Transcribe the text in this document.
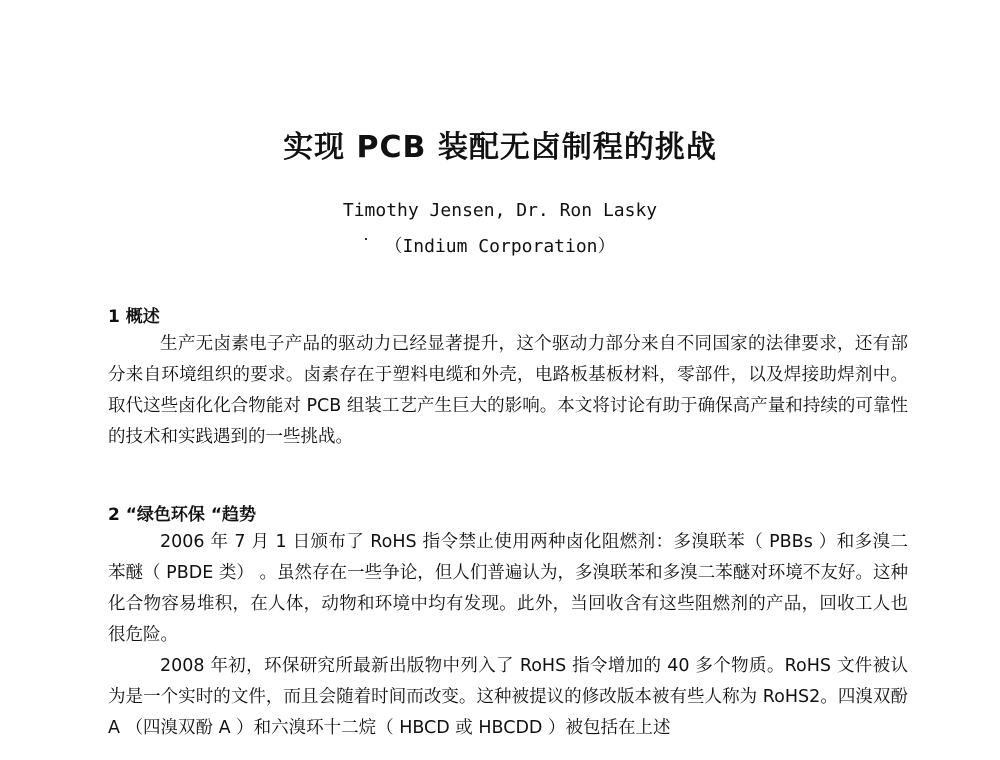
实现 PCB 装配无卤制程的挑战
Timothy Jensen, Dr. Ron Lasky
（Indium Corporation）
1 概述
生产无卤素电子产品的驱动力已经显著提升，这个驱动力部分来自不同国家的法律要求，还有部分来自环境组织的要求。卤素存在于塑料电缆和外壳，电路板基板材料，零部件，以及焊接助焊剂中。取代这些卤化化合物能对 PCB 组装工艺产生巨大的影响。本文将讨论有助于确保高产量和持续的可靠性的技术和实践遇到的一些挑战。
2 “绿色环保 “趋势
2006 年 7 月 1 日颁布了 RoHS 指令禁止使用两种卤化阻燃剂：多溴联苯（ PBBs ）和多溴二苯醚（ PBDE 类） 。虽然存在一些争论，但人们普遍认为，多溴联苯和多溴二苯醚对环境不友好。这种化合物容易堆积，在人体，动物和环境中均有发现。此外，当回收含有这些阻燃剂的产品，回收工人也很危险。
2008 年初，环保研究所最新出版物中列入了 RoHS 指令增加的 40 多个物质。RoHS 文件被认为是一个实时的文件，而且会随着时间而改变。这种被提议的修改版本被有些人称为 RoHS2。四溴双酚 A （四溴双酚 A ）和六溴环十二烷（ HBCD 或 HBCDD ）被包括在上述
